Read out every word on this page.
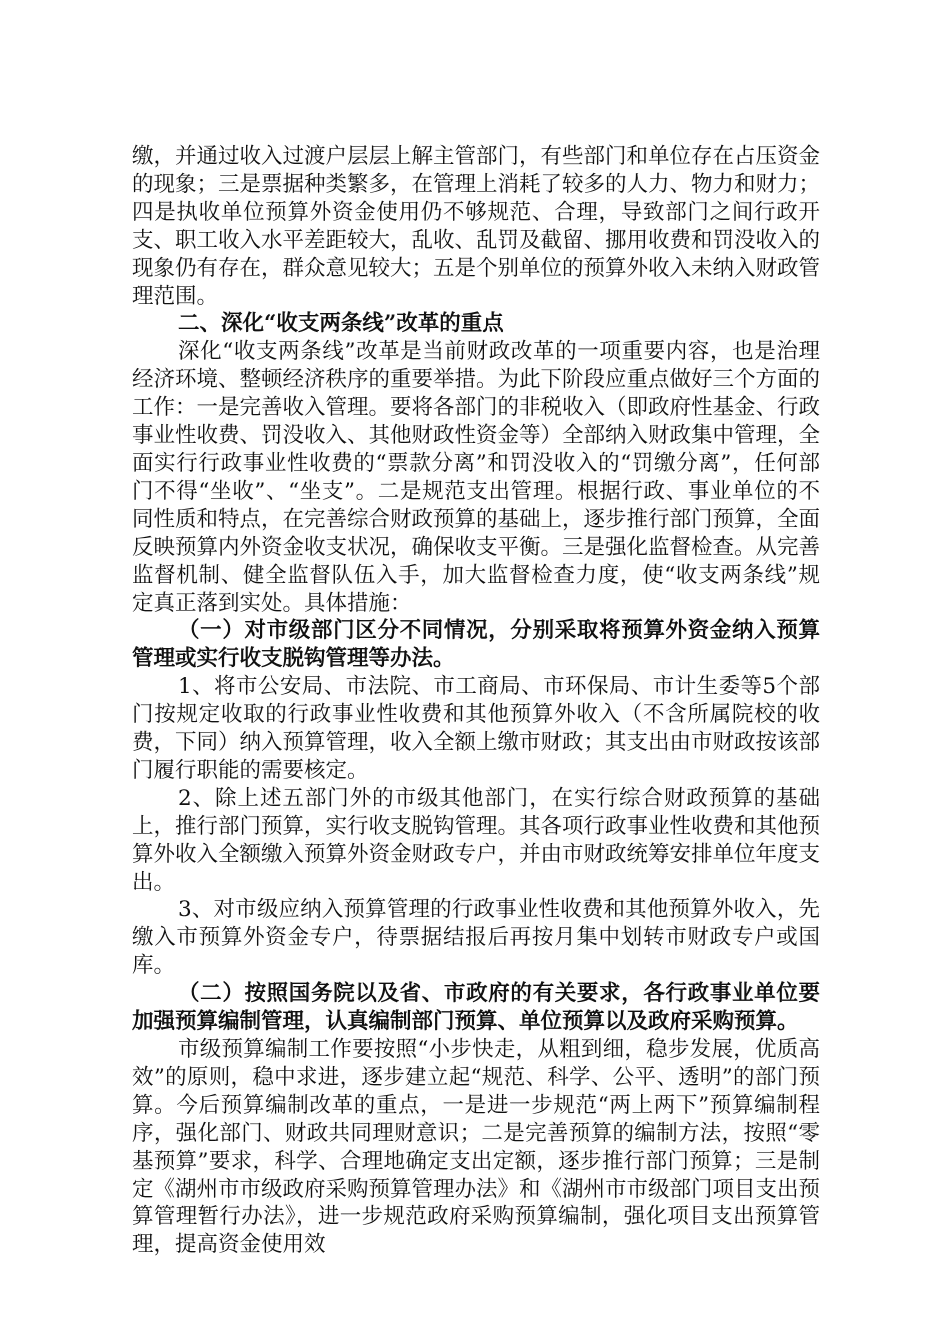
缴，并通过收入过渡户层层上解主管部门，有些部门和单位存在占压资金的现象；三是票据种类繁多，在管理上消耗了较多的人力、物力和财力；四是执收单位预算外资金使用仍不够规范、合理，导致部门之间行政开支、职工收入水平差距较大，乱收、乱罚及截留、挪用收费和罚没收入的现象仍有存在，群众意见较大；五是个别单位的预算外收入未纳入财政管理范围。

二、深化“收支两条线”改革的重点

深化“收支两条线”改革是当前财政改革的一项重要内容，也是治理经济环境、整顿经济秩序的重要举措。为此下阶段应重点做好三个方面的工作：一是完善收入管理。要将各部门的非税收入（即政府性基金、行政事业性收费、罚没收入、其他财政性资金等）全部纳入财政集中管理，全面实行行政事业性收费的“票款分离”和罚没收入的“罚缴分离”，任何部门不得“坐收”、“坐支”。二是规范支出管理。根据行政、事业单位的不同性质和特点，在完善综合财政预算的基础上，逐步推行部门预算，全面反映预算内外资金收支状况，确保收支平衡。三是强化监督检查。从完善监督机制、健全监督队伍入手，加大监督检查力度，使“收支两条线”规定真正落到实处。具体措施：

（一）对市级部门区分不同情况，分别采取将预算外资金纳入预算管理或实行收支脱钩管理等办法。

1、将市公安局、市法院、市工商局、市环保局、市计生委等5个部门按规定收取的行政事业性收费和其他预算外收入（不含所属院校的收费，下同）纳入预算管理，收入全额上缴市财政；其支出由市财政按该部门履行职能的需要核定。

2、除上述五部门外的市级其他部门，在实行综合财政预算的基础上，推行部门预算，实行收支脱钩管理。其各项行政事业性收费和其他预算外收入全额缴入预算外资金财政专户，并由市财政统筹安排单位年度支出。

3、对市级应纳入预算管理的行政事业性收费和其他预算外收入，先缴入市预算外资金专户，待票据结报后再按月集中划转市财政专户或国库。

（二）按照国务院以及省、市政府的有关要求，各行政事业单位要加强预算编制管理，认真编制部门预算、单位预算以及政府采购预算。

市级预算编制工作要按照“小步快走，从粗到细，稳步发展，优质高效”的原则，稳中求进，逐步建立起“规范、科学、公平、透明”的部门预算。今后预算编制改革的重点，一是进一步规范“两上两下”预算编制程序，强化部门、财政共同理财意识；二是完善预算的编制方法，按照“零基预算”要求，科学、合理地确定支出定额，逐步推行部门预算；三是制定《湖州市市级政府采购预算管理办法》和《湖州市市级部门项目支出预算管理暂行办法》，进一步规范政府采购预算编制，强化项目支出预算管理，提高资金使用效
